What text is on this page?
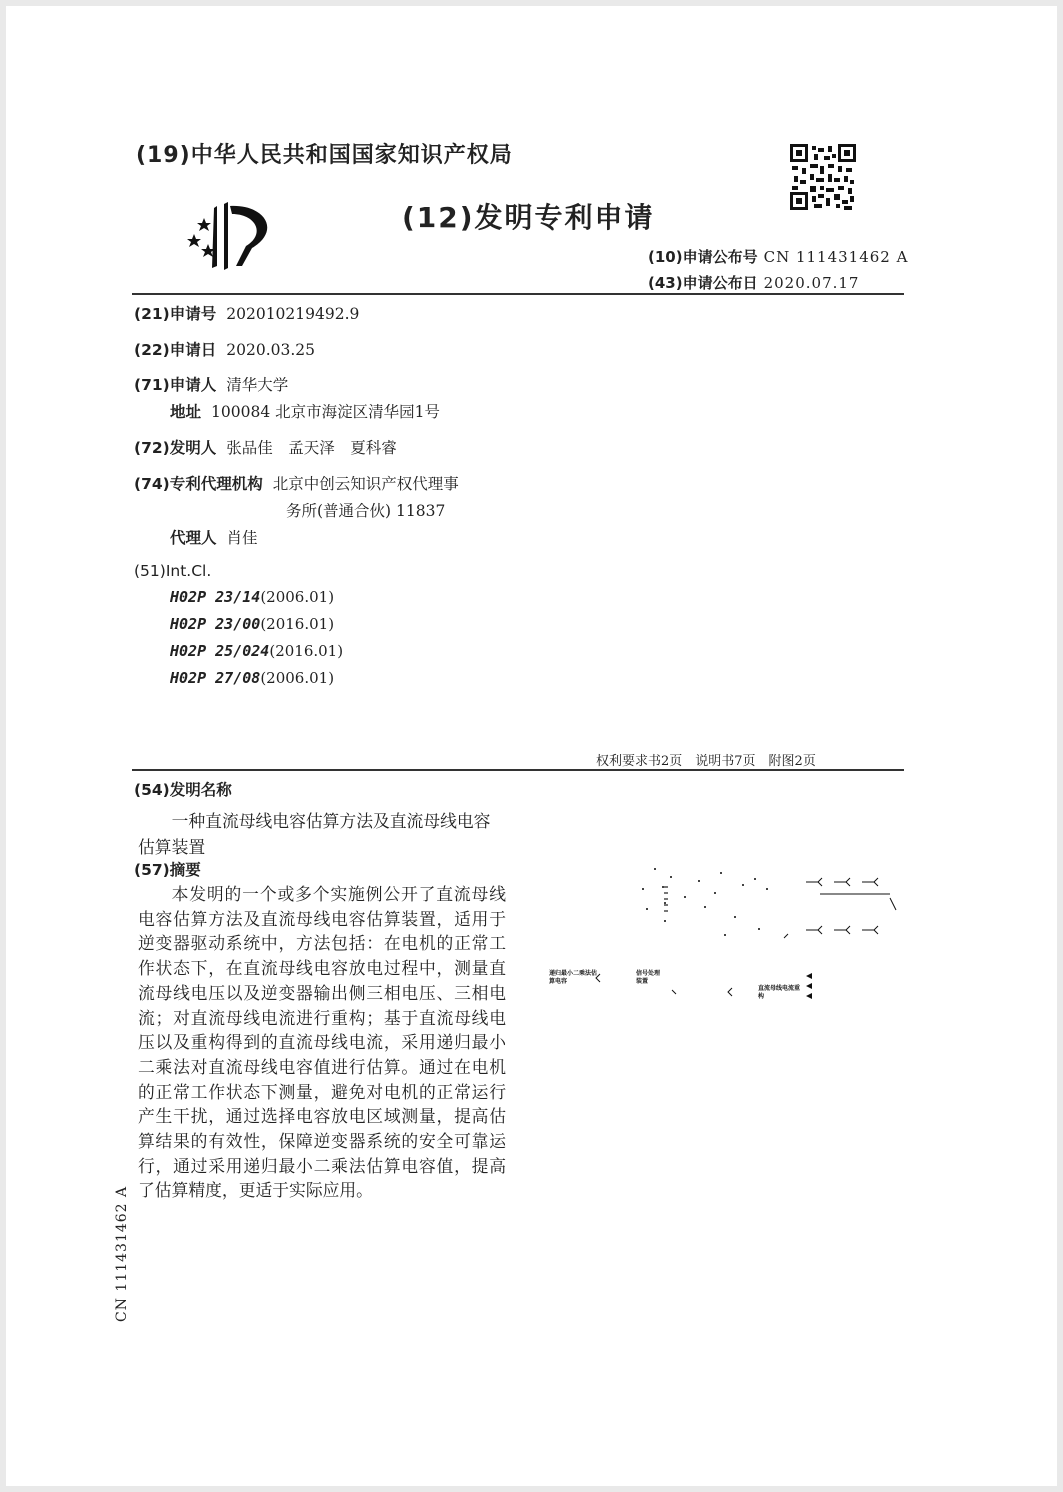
(19)中华人民共和国国家知识产权局
(12)发明专利申请
(10)申请公布号 CN 111431462 A
(43)申请公布日 2020.07.17
(21)申请号 202010219492.9
(22)申请日 2020.03.25
(71)申请人 清华大学
地址 100084 北京市海淀区清华园1号
(72)发明人 张品佳　孟天泽　夏科睿
(74)专利代理机构 北京中创云知识产权代理事
务所(普通合伙) 11837
代理人 肖佳
(51)Int.Cl.
H02P 23/14(2006.01)
H02P 23/00(2016.01)
H02P 25/024(2016.01)
H02P 27/08(2006.01)
权利要求书2页　说明书7页　附图2页
(54)发明名称
一种直流母线电容估算方法及直流母线电容估算装置
(57)摘要
本发明的一个或多个实施例公开了直流母线电容估算方法及直流母线电容估算装置，适用于逆变器驱动系统中，方法包括：在电机的正常工作状态下，在直流母线电容放电过程中，测量直流母线电压以及逆变器输出侧三相电压、三相电流；对直流母线电流进行重构；基于直流母线电压以及重构得到的直流母线电流，采用递归最小二乘法对直流母线电容值进行估算。通过在电机的正常工作状态下测量，避免对电机的正常运行产生干扰，通过选择电容放电区域测量，提高估算结果的有效性，保障逆变器系统的安全可靠运行，通过采用递归最小二乘法估算电容值，提高了估算精度，更适于实际应用。
递归最小二乘法估算电容
信号处理装置
直流母线电流重构
CN 111431462 A
